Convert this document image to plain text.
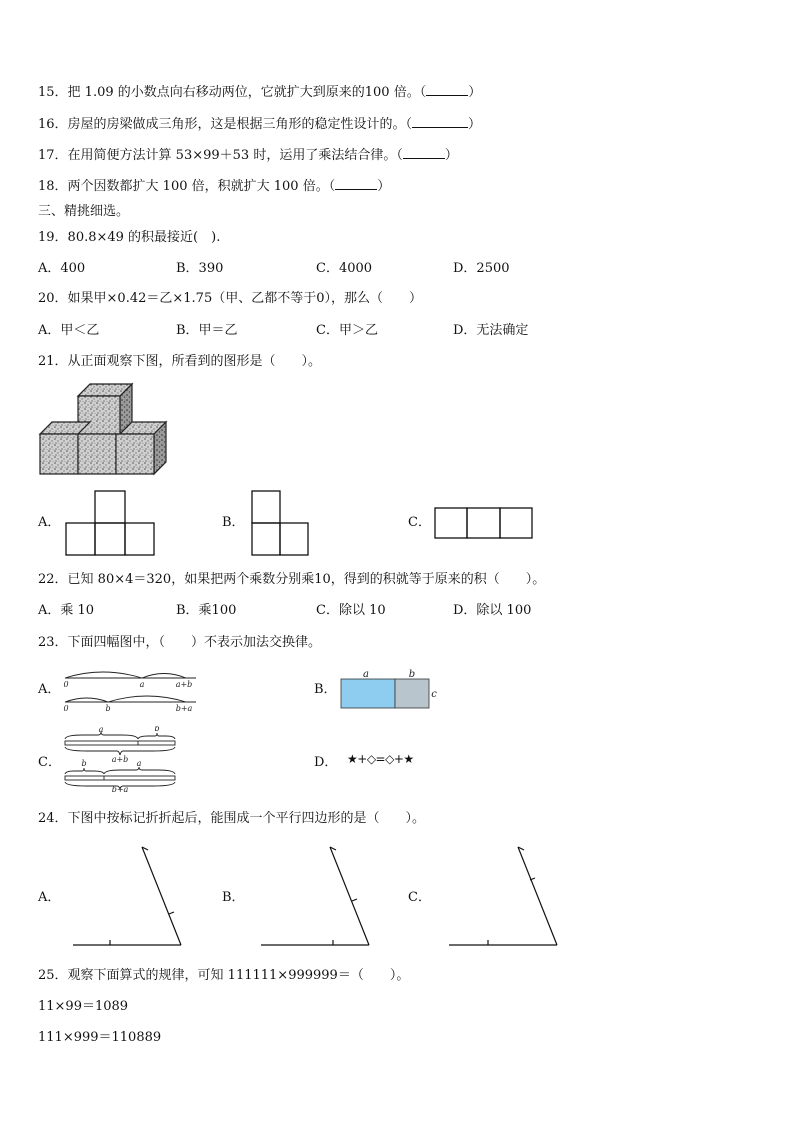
15．把 1.09 的小数点向右移动两位，它就扩大到原来的100 倍。（	）
16．房屋的房梁做成三角形，这是根据三角形的稳定性设计的。（	）
17．在用简便方法计算 53×99＋53 时，运用了乘法结合律。（	）
18．两个因数都扩大 100 倍，积就扩大 100 倍。（	）
三、精挑细选。
19．80.8×49 的积最接近(　).
A．400	B．390	C．4000	D．2500
20．如果甲×0.42＝乙×1.75（甲、乙都不等于0），那么（　　）
A．甲＜乙	B．甲＝乙	C．甲＞乙	D．无法确定
21．从正面观察下图，所看到的图形是（　　）。
A．	B．	C．
22．已知 80×4＝320，如果把两个乘数分别乘10，得到的积就等于原来的积（　　）。
A．乘 10	B．乘100	C．除以 10	D．除以 100
23．下面四幅图中，（　　）不表示加法交换律。
A． 0	a	a+b
0	b	b+a
B．
a	b
c
C．
a	b
a+b
b	a
b+a
D． ★+◇=◇+★
24．下图中按标记折折起后，能围成一个平行四边形的是（　　）。
A．	B．	C．
25．观察下面算式的规律，可知 111111×999999＝（　　）。
11×99＝1089
111×999＝110889
